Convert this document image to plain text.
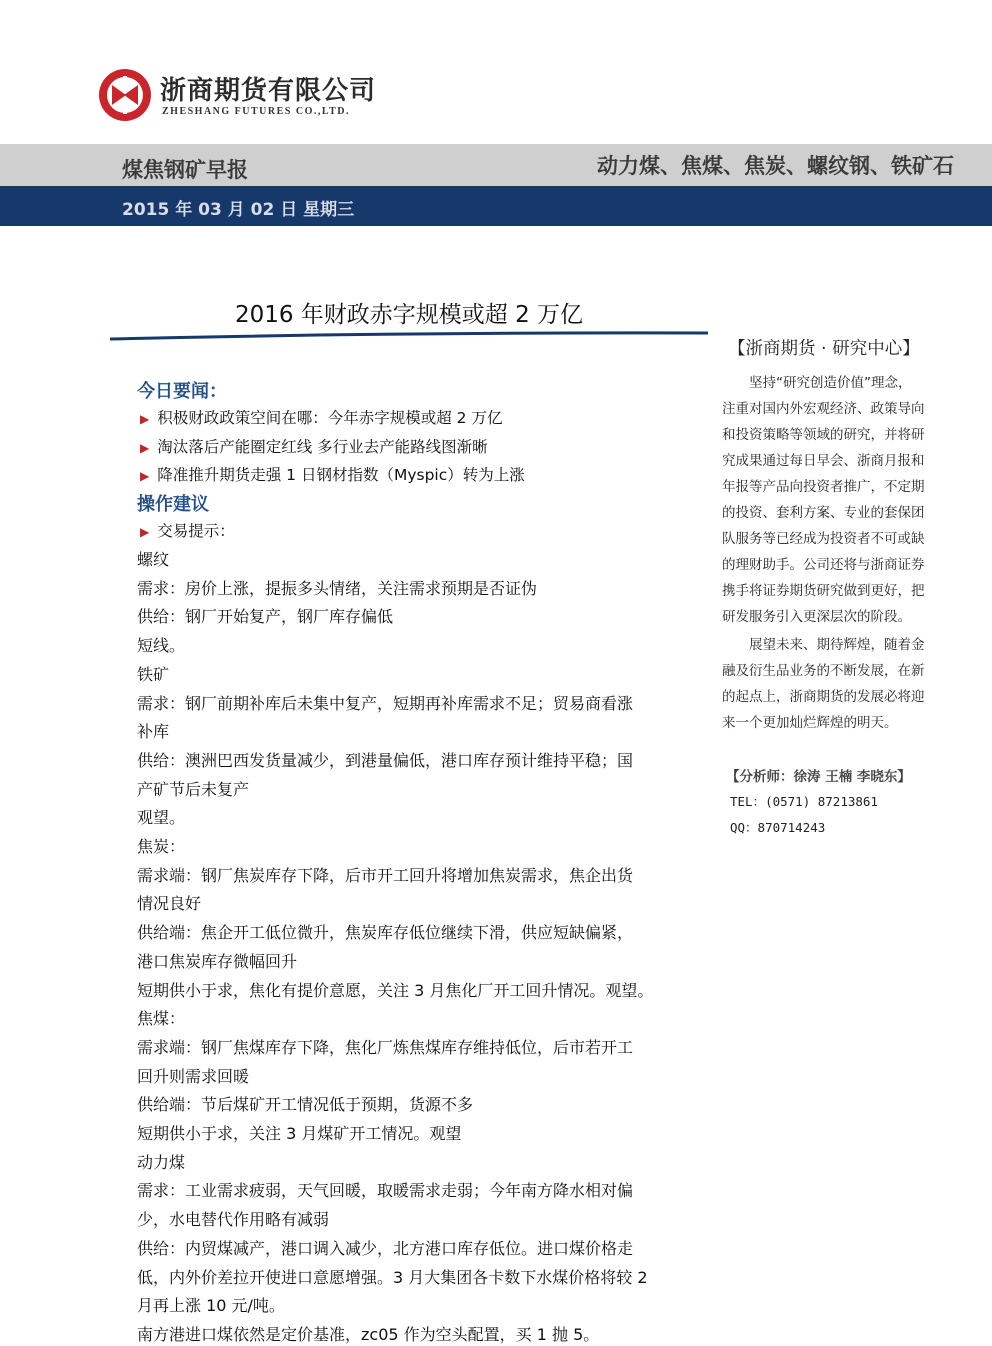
浙商期货有限公司
ZHESHANG FUTURES CO.,LTD.
煤焦钢矿早报	动力煤、焦煤、焦炭、螺纹钢、铁矿石
2015 年 03 月 02 日 星期三
2016 年财政赤字规模或超 2 万亿
今日要闻：
▶ 积极财政政策空间在哪：今年赤字规模或超 2 万亿
▶ 淘汰落后产能圈定红线 多行业去产能路线图渐晰
▶ 降准推升期货走强 1 日钢材指数（Myspic）转为上涨
操作建议
▶ 交易提示：
螺纹
需求：房价上涨，提振多头情绪，关注需求预期是否证伪
供给：钢厂开始复产，钢厂库存偏低
短线。
铁矿
需求：钢厂前期补库后未集中复产，短期再补库需求不足；贸易商看涨
补库
供给：澳洲巴西发货量减少，到港量偏低，港口库存预计维持平稳；国
产矿节后未复产
观望。
焦炭：
需求端：钢厂焦炭库存下降，后市开工回升将增加焦炭需求，焦企出货
情况良好
供给端：焦企开工低位微升，焦炭库存低位继续下滑，供应短缺偏紧，
港口焦炭库存微幅回升
短期供小于求，焦化有提价意愿，关注 3 月焦化厂开工回升情况。观望。
焦煤：
需求端：钢厂焦煤库存下降，焦化厂炼焦煤库存维持低位，后市若开工
回升则需求回暖
供给端：节后煤矿开工情况低于预期，货源不多
短期供小于求，关注 3 月煤矿开工情况。观望
动力煤
需求：工业需求疲弱，天气回暖，取暖需求走弱；今年南方降水相对偏
少，水电替代作用略有减弱
供给：内贸煤减产，港口调入减少，北方港口库存低位。进口煤价格走
低，内外价差拉开使进口意愿增强。3 月大集团各卡数下水煤价格将较 2
月再上涨 10 元/吨。
南方港进口煤依然是定价基准，zc05 作为空头配置，买 1 抛 5。
【浙商期货 · 研究中心】
　　坚持“研究创造价值”理念，
注重对国内外宏观经济、政策导向
和投资策略等领域的研究，并将研
究成果通过每日早会、浙商月报和
年报等产品向投资者推广，不定期
的投资、套利方案、专业的套保团
队服务等已经成为投资者不可或缺
的理财助手。公司还将与浙商证券
携手将证券期货研究做到更好，把
研发服务引入更深层次的阶段。
　　展望未来、期待辉煌，随着金
融及衍生品业务的不断发展，在新
的起点上，浙商期货的发展必将迎
来一个更加灿烂辉煌的明天。
【分析师：徐涛 王楠 李晓东】
TEL：(0571) 87213861
QQ：870714243
